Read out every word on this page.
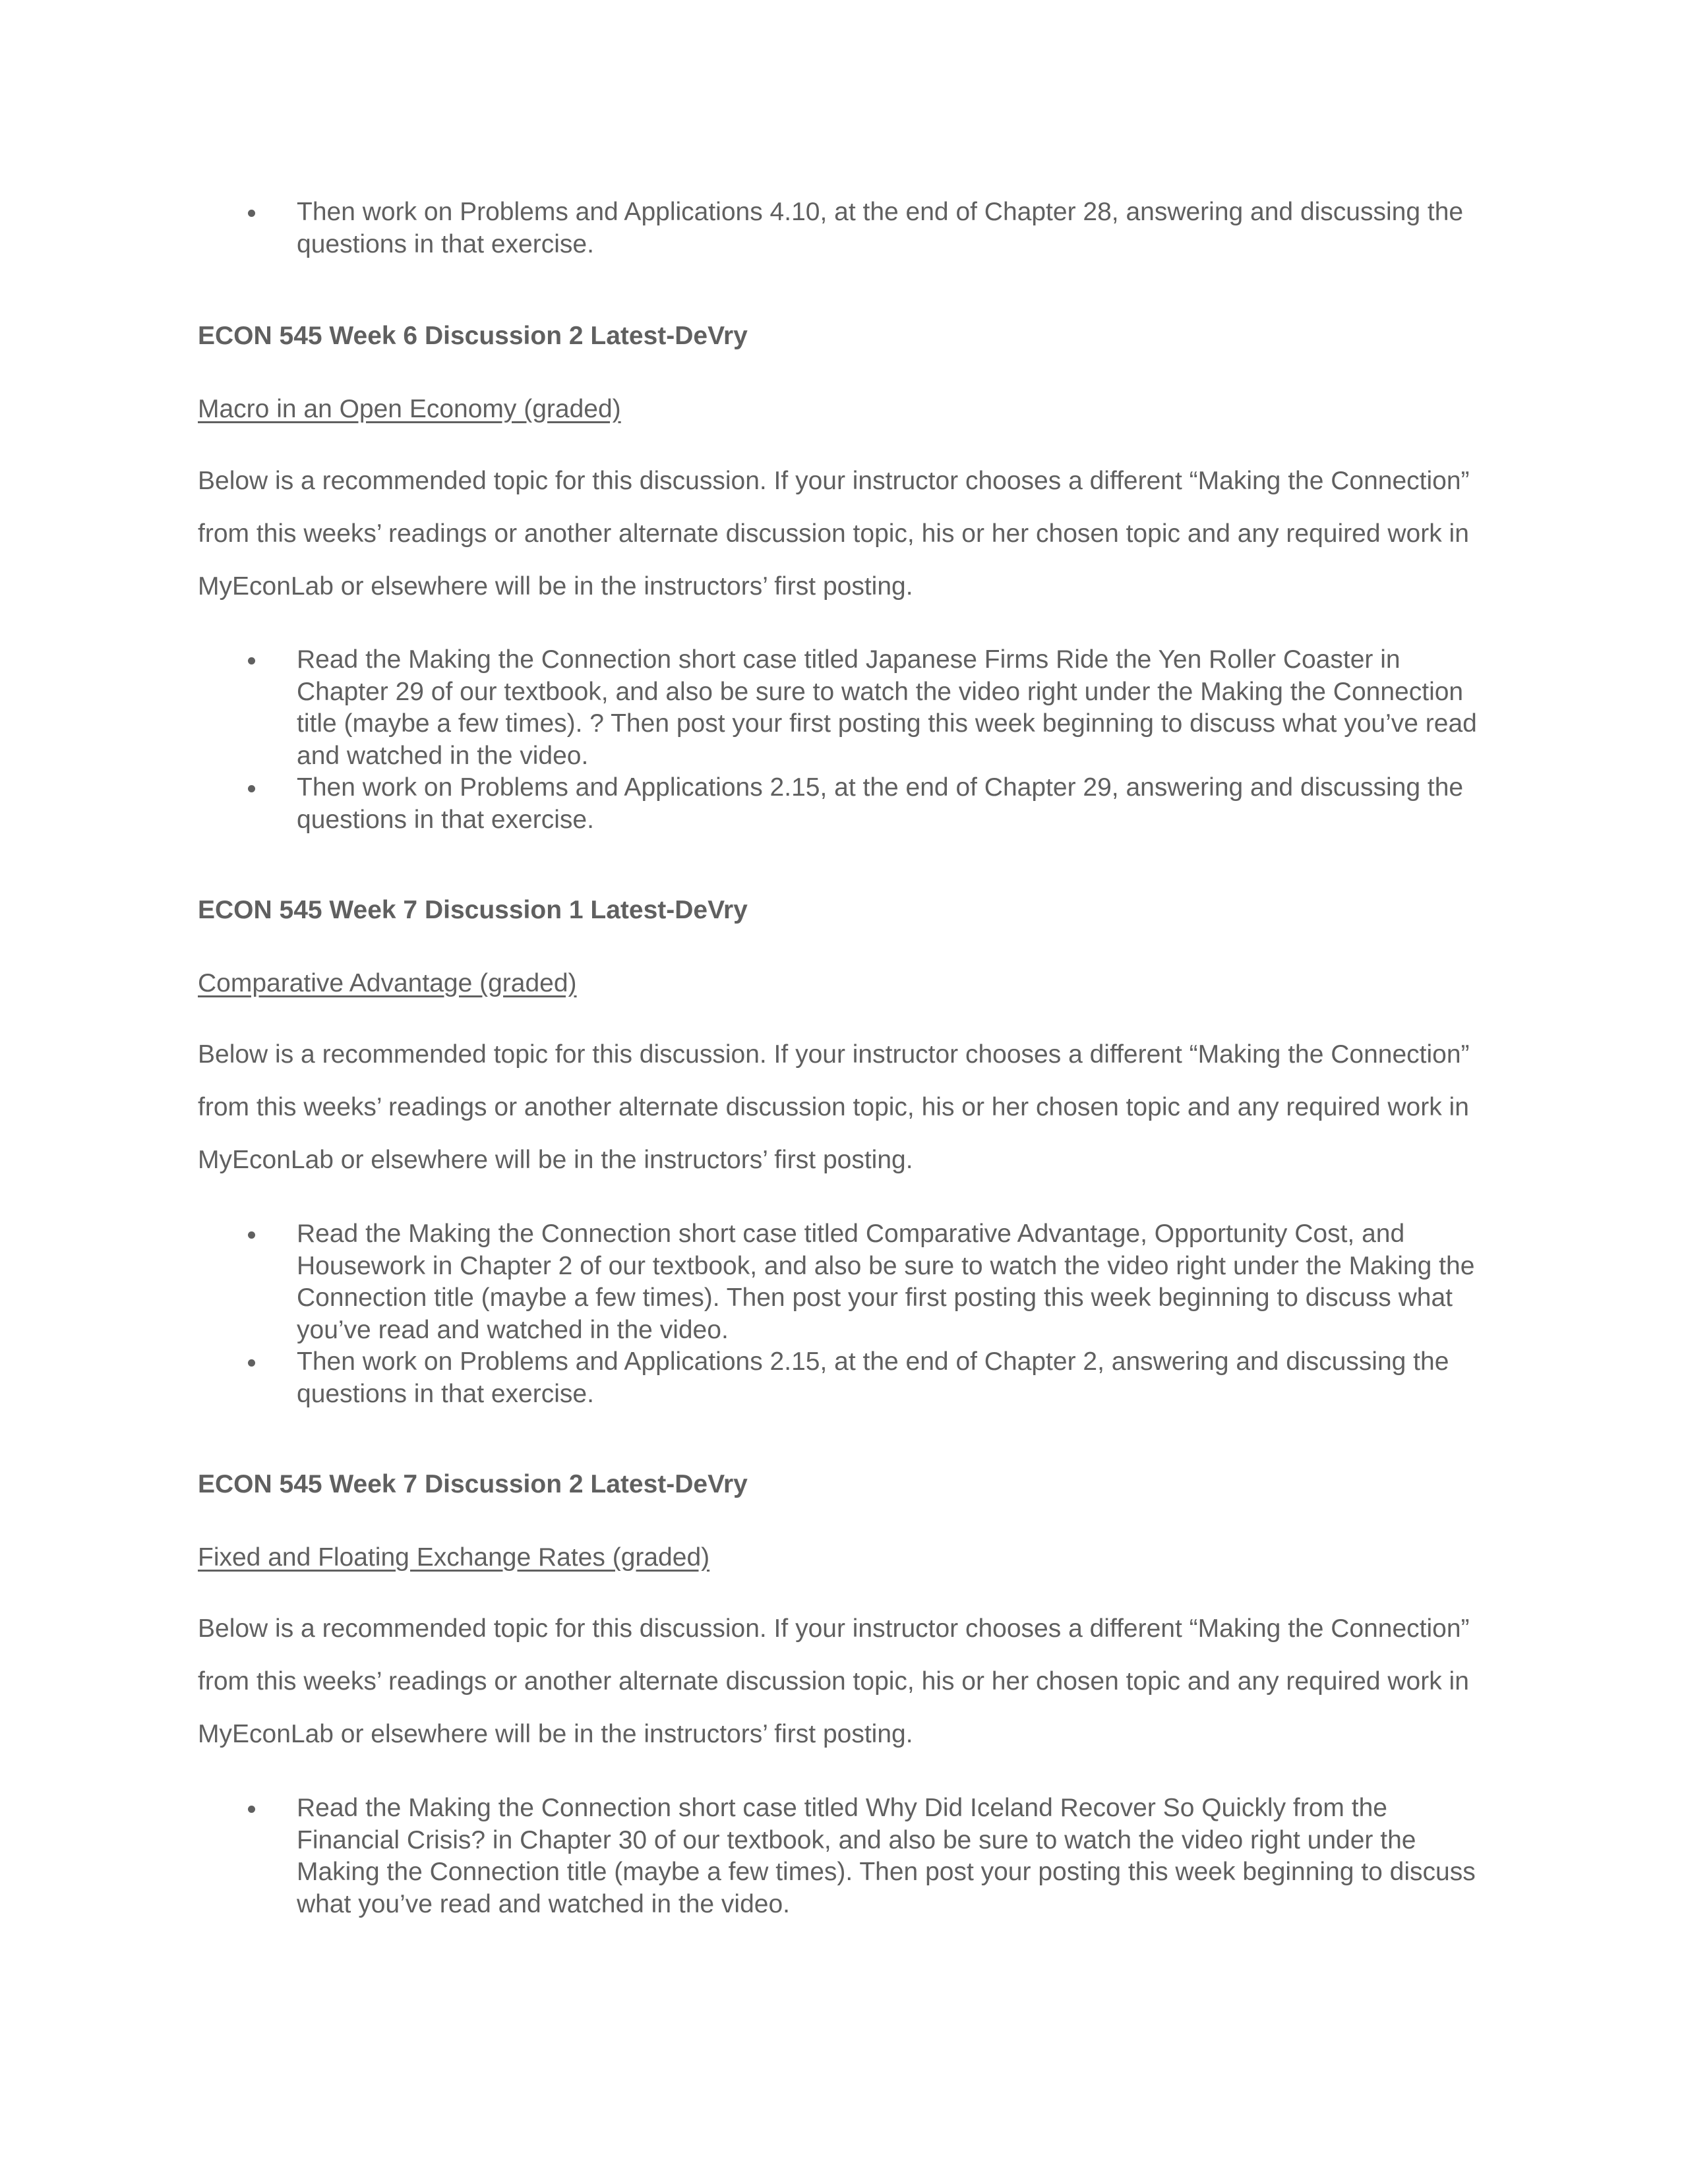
Then work on Problems and Applications 4.10, at the end of Chapter 28, answering and discussing the questions in that exercise.
ECON 545 Week 6 Discussion 2 Latest-DeVry

Macro in an Open Economy (graded)

Below is a recommended topic for this discussion. If your instructor chooses a different “Making the Connection” from this weeks’ readings or another alternate discussion topic, his or her chosen topic and any required work in MyEconLab or elsewhere will be in the instructors’ first posting.

Read the Making the Connection short case titled Japanese Firms Ride the Yen Roller Coaster in Chapter 29 of our textbook, and also be sure to watch the video right under the Making the Connection title (maybe a few times). ? Then post your first posting this week beginning to discuss what you’ve read and watched in the video.
Then work on Problems and Applications 2.15, at the end of Chapter 29, answering and discussing the questions in that exercise.
ECON 545 Week 7 Discussion 1 Latest-DeVry

Comparative Advantage (graded)

Below is a recommended topic for this discussion. If your instructor chooses a different “Making the Connection” from this weeks’ readings or another alternate discussion topic, his or her chosen topic and any required work in MyEconLab or elsewhere will be in the instructors’ first posting.

Read the Making the Connection short case titled Comparative Advantage, Opportunity Cost, and Housework in Chapter 2 of our textbook, and also be sure to watch the video right under the Making the Connection title (maybe a few times). Then post your first posting this week beginning to discuss what you’ve read and watched in the video.
Then work on Problems and Applications 2.15, at the end of Chapter 2, answering and discussing the questions in that exercise.
ECON 545 Week 7 Discussion 2 Latest-DeVry

Fixed and Floating Exchange Rates (graded)

Below is a recommended topic for this discussion. If your instructor chooses a different “Making the Connection” from this weeks’ readings or another alternate discussion topic, his or her chosen topic and any required work in MyEconLab or elsewhere will be in the instructors’ first posting.

Read the Making the Connection short case titled Why Did Iceland Recover So Quickly from the Financial Crisis? in Chapter 30 of our textbook, and also be sure to watch the video right under the Making the Connection title (maybe a few times). Then post your posting this week beginning to discuss what you’ve read and watched in the video.
